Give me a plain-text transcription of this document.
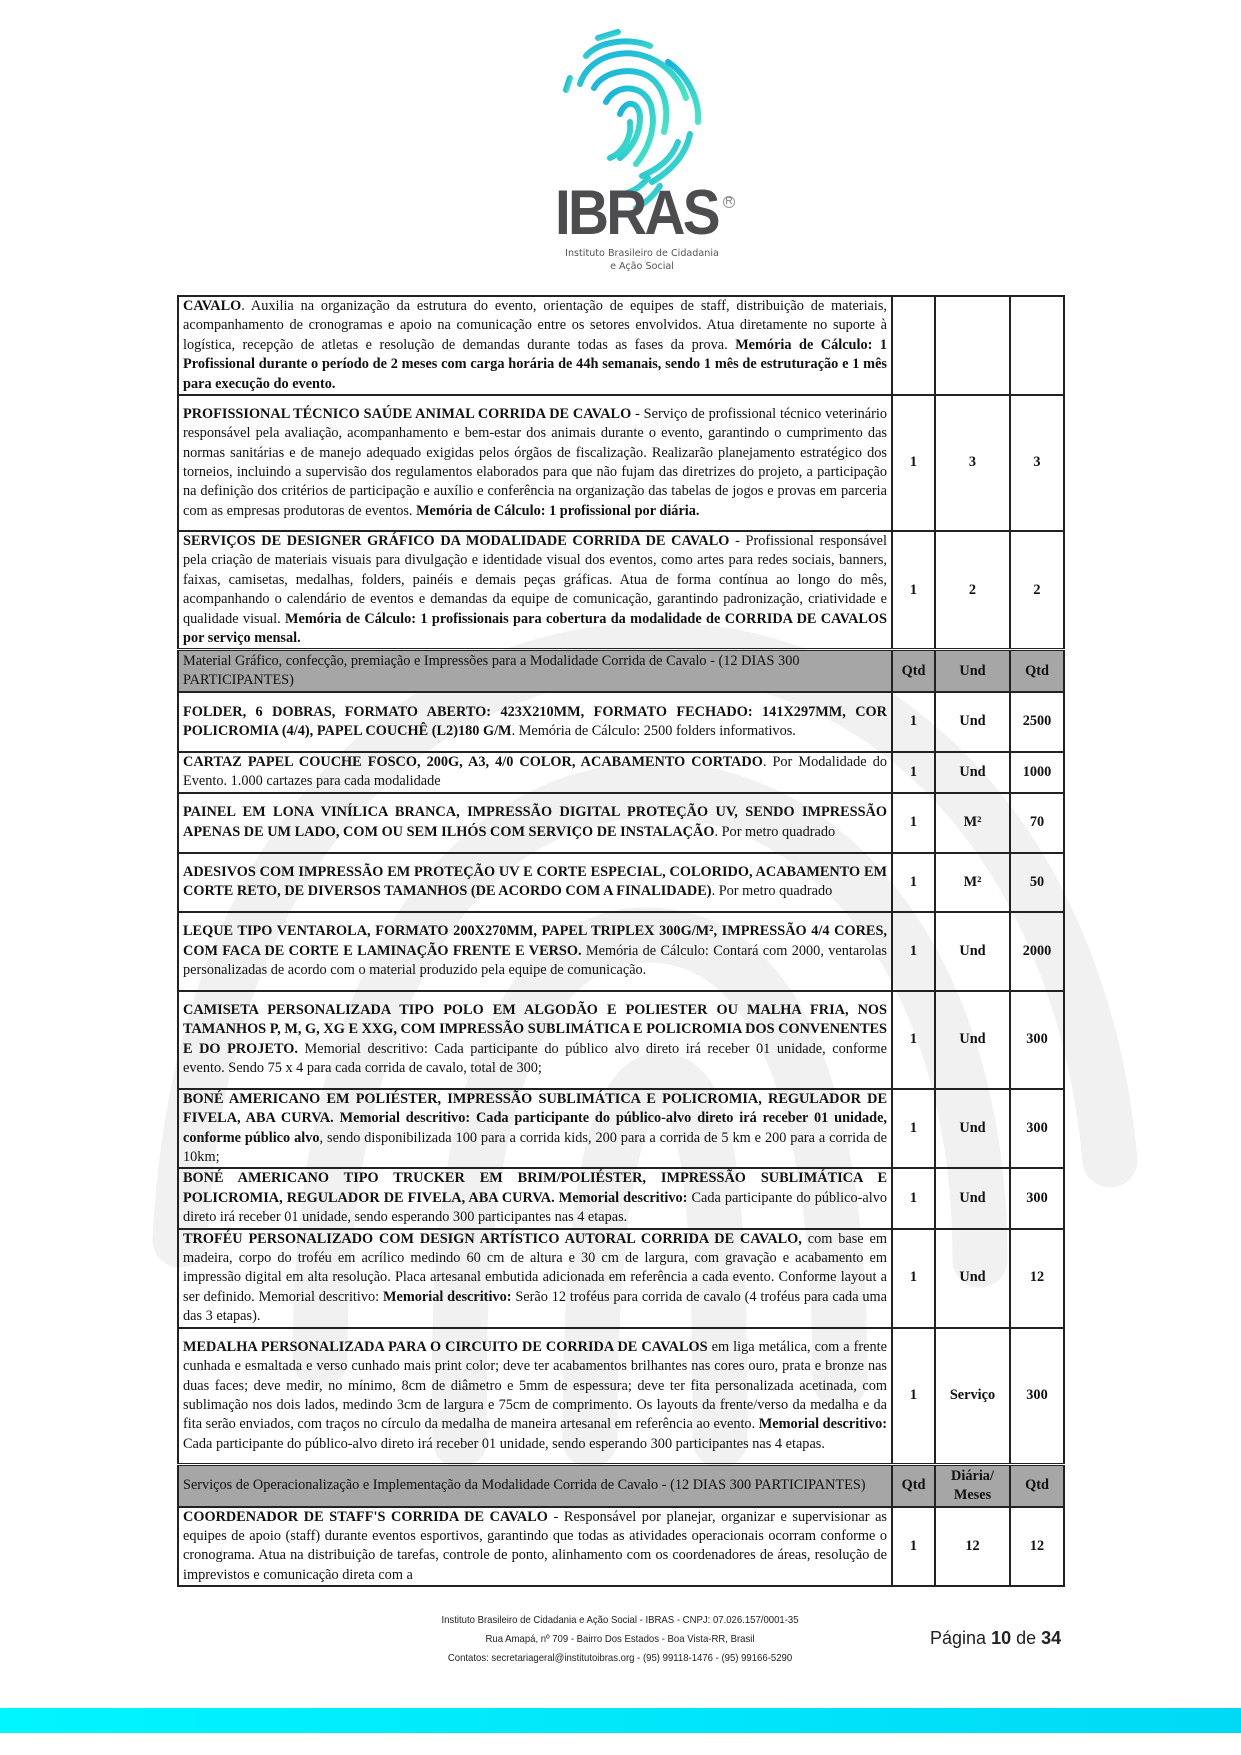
IBRAS R
Instituto Brasileiro de Cidadania
e Ação Social
CAVALO. Auxilia na organização da estrutura do evento, orientação de equipes de staff, distribuição de materiais, acompanhamento de cronogramas e apoio na comunicação entre os setores envolvidos. Atua diretamente no suporte à logística, recepção de atletas e resolução de demandas durante todas as fases da prova. Memória de Cálculo: 1 Profissional durante o período de 2 meses com carga horária de 44h semanais, sendo 1 mês de estruturação e 1 mês para execução do evento.			
PROFISSIONAL TÉCNICO SAÚDE ANIMAL CORRIDA DE CAVALO - Serviço de profissional técnico veterinário responsável pela avaliação, acompanhamento e bem-estar dos animais durante o evento, garantindo o cumprimento das normas sanitárias e de manejo adequado exigidas pelos órgãos de fiscalização. Realizarão planejamento estratégico dos torneios, incluindo a supervisão dos regulamentos elaborados para que não fujam das diretrizes do projeto, a participação na definição dos critérios de participação e auxílio e conferência na organização das tabelas de jogos e provas em parceria com as empresas produtoras de eventos. Memória de Cálculo: 1 profissional por diária.	1	3	3
SERVIÇOS DE DESIGNER GRÁFICO DA MODALIDADE CORRIDA DE CAVALO - Profissional responsável pela criação de materiais visuais para divulgação e identidade visual dos eventos, como artes para redes sociais, banners, faixas, camisetas, medalhas, folders, painéis e demais peças gráficas. Atua de forma contínua ao longo do mês, acompanhando o calendário de eventos e demandas da equipe de comunicação, garantindo padronização, criatividade e qualidade visual. Memória de Cálculo: 1 profissionais para cobertura da modalidade de CORRIDA DE CAVALOS por serviço mensal.	1	2	2
Material Gráfico, confecção, premiação e Impressões para a Modalidade Corrida de Cavalo - (12 DIAS 300 PARTICIPANTES)	Qtd	Und	Qtd
FOLDER, 6 DOBRAS, FORMATO ABERTO: 423X210MM, FORMATO FECHADO: 141X297MM, COR POLICROMIA (4/4), PAPEL COUCHÊ (L2)180 G/M. Memória de Cálculo: 2500 folders informativos.	1	Und	2500
CARTAZ PAPEL COUCHE FOSCO, 200G, A3, 4/0 COLOR, ACABAMENTO CORTADO. Por Modalidade do Evento. 1.000 cartazes para cada modalidade	1	Und	1000
PAINEL EM LONA VINÍLICA BRANCA, IMPRESSÃO DIGITAL PROTEÇÃO UV, SENDO IMPRESSÃO APENAS DE UM LADO, COM OU SEM ILHÓS COM SERVIÇO DE INSTALAÇÃO. Por metro quadrado	1	M²	70
ADESIVOS COM IMPRESSÃO EM PROTEÇÃO UV E CORTE ESPECIAL, COLORIDO, ACABAMENTO EM CORTE RETO, DE DIVERSOS TAMANHOS (DE ACORDO COM A FINALIDADE). Por metro quadrado	1	M²	50
LEQUE TIPO VENTAROLA, FORMATO 200X270MM, PAPEL TRIPLEX 300G/M², IMPRESSÃO 4/4 CORES, COM FACA DE CORTE E LAMINAÇÃO FRENTE E VERSO. Memória de Cálculo: Contará com 2000, ventarolas personalizadas de acordo com o material produzido pela equipe de comunicação.	1	Und	2000
CAMISETA PERSONALIZADA TIPO POLO EM ALGODÃO E POLIESTER OU MALHA FRIA, NOS TAMANHOS P, M, G, XG E XXG, COM IMPRESSÃO SUBLIMÁTICA E POLICROMIA DOS CONVENENTES E DO PROJETO. Memorial descritivo: Cada participante do público alvo direto irá receber 01 unidade, conforme evento. Sendo 75 x 4 para cada corrida de cavalo, total de 300;	1	Und	300
BONÉ AMERICANO EM POLIÉSTER, IMPRESSÃO SUBLIMÁTICA E POLICROMIA, REGULADOR DE FIVELA, ABA CURVA. Memorial descritivo: Cada participante do público-alvo direto irá receber 01 unidade, conforme público alvo, sendo disponibilizada 100 para a corrida kids, 200 para a corrida de 5 km e 200 para a corrida de 10km;	1	Und	300
BONÉ AMERICANO TIPO TRUCKER EM BRIM/POLIÉSTER, IMPRESSÃO SUBLIMÁTICA E POLICROMIA, REGULADOR DE FIVELA, ABA CURVA. Memorial descritivo: Cada participante do público-alvo direto irá receber 01 unidade, sendo esperando 300 participantes nas 4 etapas.	1	Und	300
TROFÉU PERSONALIZADO COM DESIGN ARTÍSTICO AUTORAL CORRIDA DE CAVALO, com base em madeira, corpo do troféu em acrílico medindo 60 cm de altura e 30 cm de largura, com gravação e acabamento em impressão digital em alta resolução. Placa artesanal embutida adicionada em referência a cada evento. Conforme layout a ser definido. Memorial descritivo: Memorial descritivo: Serão 12 troféus para corrida de cavalo (4 troféus para cada uma das 3 etapas).	1	Und	12
MEDALHA PERSONALIZADA PARA O CIRCUITO DE CORRIDA DE CAVALOS em liga metálica, com a frente cunhada e esmaltada e verso cunhado mais print color; deve ter acabamentos brilhantes nas cores ouro, prata e bronze nas duas faces; deve medir, no mínimo, 8cm de diâmetro e 5mm de espessura; deve ter fita personalizada acetinada, com sublimação nos dois lados, medindo 3cm de largura e 75cm de comprimento. Os layouts da frente/verso da medalha e da fita serão enviados, com traços no círculo da medalha de maneira artesanal em referência ao evento. Memorial descritivo: Cada participante do público-alvo direto irá receber 01 unidade, sendo esperando 300 participantes nas 4 etapas.	1	Serviço	300
Serviços de Operacionalização e Implementação da Modalidade Corrida de Cavalo - (12 DIAS 300 PARTICIPANTES)	Qtd	Diária/ Meses	Qtd
COORDENADOR DE STAFF'S CORRIDA DE CAVALO - Responsável por planejar, organizar e supervisionar as equipes de apoio (staff) durante eventos esportivos, garantindo que todas as atividades operacionais ocorram conforme o cronograma. Atua na distribuição de tarefas, controle de ponto, alinhamento com os coordenadores de áreas, resolução de imprevistos e comunicação direta com a	1	12	12
Instituto Brasileiro de Cidadania e Ação Social - IBRAS - CNPJ: 07.026.157/0001-35
Rua Amapá, nº 709 - Bairro Dos Estados - Boa Vista-RR, Brasil
Contatos: secretariageral@institutoibras.org - (95) 99118-1476 - (95) 99166-5290
Página 10 de 34
